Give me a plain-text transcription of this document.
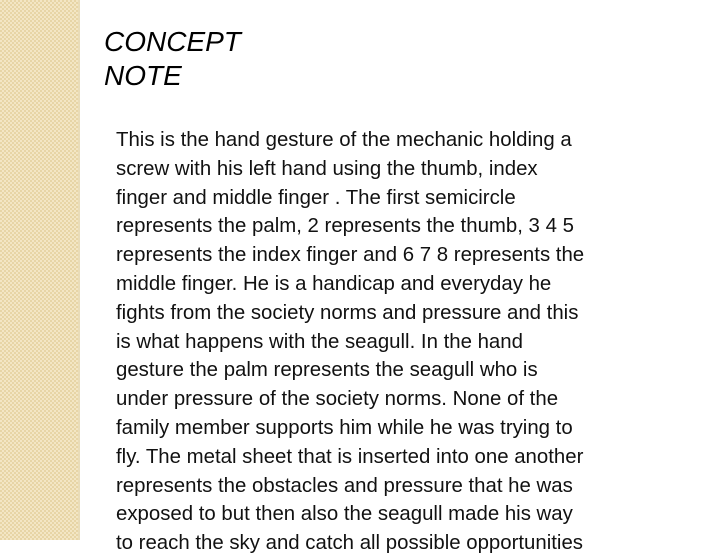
CONCEPT
NOTE
This is the hand gesture of the mechanic holding a
screw with his left hand using the thumb, index
finger and middle finger . The first semicircle
represents the palm, 2 represents the thumb, 3 4 5
represents the index finger and 6 7 8 represents the
middle finger. He is a handicap and everyday he
fights from the society norms and pressure and this
is what happens with the seagull. In the hand
gesture the palm represents the seagull who is
under pressure of the society norms. None of the
family member supports him while he was trying to
fly. The metal sheet that is inserted into one another
represents the obstacles and pressure that he was
exposed to but then also the seagull made his way
to reach the sky and catch all possible opportunities
